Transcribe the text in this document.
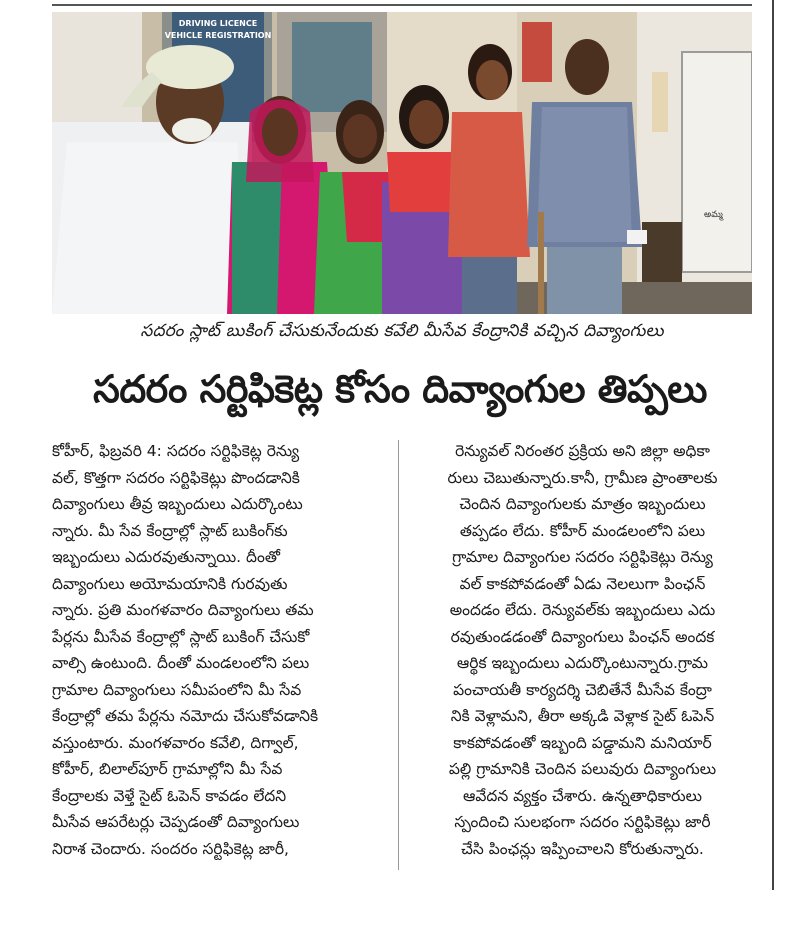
DRIVING LICENCE
VEHICLE REGISTRATION
అమ్మ
సదరం స్లాట్‌ బుకింగ్‌ చేసుకునేందుకు కవేలి మీసేవ కేంద్రానికి వచ్చిన దివ్యాంగులు
సదరం సర్టిఫికెట్ల కోసం దివ్యాంగుల తిప్పలు
కోహీర్‌, ఫిబ్రవరి 4: సదరం సర్టిఫికెట్ల రెన్యు
వల్‌, కొత్తగా సదరం సర్టిఫికెట్లు పొందడానికి
దివ్యాంగులు తీవ్ర ఇబ్బందులు ఎదుర్కొంటు
న్నారు. మీ సేవ కేంద్రాల్లో స్లాట్‌ బుకింగ్‌కు
ఇబ్బందులు ఎదురవుతున్నాయి. దీంతో
దివ్యాంగులు అయోమయానికి గురవుతు
న్నారు. ప్రతి మంగళవారం దివ్యాంగులు తమ
పేర్లను మీసేవ కేంద్రాల్లో స్లాట్‌ బుకింగ్‌ చేసుకో
వాల్సి ఉంటుంది. దీంతో మండలంలోని పలు
గ్రామాల దివ్యాంగులు సమీపంలోని మీ సేవ
కేంద్రాల్లో తమ పేర్లను నమోదు చేసుకోవడానికి
వస్తుంటారు. మంగళవారం కవేలి, దిగ్వాల్‌,
కోహీర్‌, బిలాల్‌పూర్‌ గ్రామాల్లోని మీ సేవ
కేంద్రాలకు వెళ్తే సైట్‌ ఓపెన్‌ కావడం లేదని
మీసేవ ఆపరేటర్లు చెప్పడంతో దివ్యాంగులు
నిరాశ చెందారు. సందరం సర్టిఫికెట్ల జారీ,
రెన్యువల్‌ నిరంతర ప్రక్రియ అని జిల్లా అధికా
రులు చెబుతున్నారు.కానీ, గ్రామీణ ప్రాంతాలకు
చెందిన దివ్యాంగులకు మాత్రం ఇబ్బందులు
తప్పడం లేదు. కోహీర్‌ మండలంలోని పలు
గ్రామాల దివ్యాంగుల సదరం సర్టిఫికెట్లు రెన్యు
వల్‌ కాకపోవడంతో ఏడు నెలలుగా పింఛన్‌
అందడం లేదు. రెన్యువల్‌కు ఇబ్బందులు ఎదు
రవుతుండడంతో దివ్యాంగులు పింఛన్‌ అందక
ఆర్థిక ఇబ్బందులు ఎదుర్కొంటున్నారు.గ్రామ
పంచాయతీ కార్యదర్శి చెబితేనే మీసేవ కేంద్రా
నికి వెళ్లామని, తీరా అక్కడి వెళ్లాక సైట్‌ ఓపెన్‌
కాకపోవడంతో ఇబ్బంది పడ్డామని మనియార్‌
పల్లి గ్రామానికి చెందిన పలువురు దివ్యాంగులు
ఆవేదన వ్యక్తం చేశారు. ఉన్నతాధికారులు
స్పందించి సులభంగా సదరం సర్టిఫికెట్లు జారీ
చేసి పింఛన్లు ఇప్పించాలని కోరుతున్నారు.
